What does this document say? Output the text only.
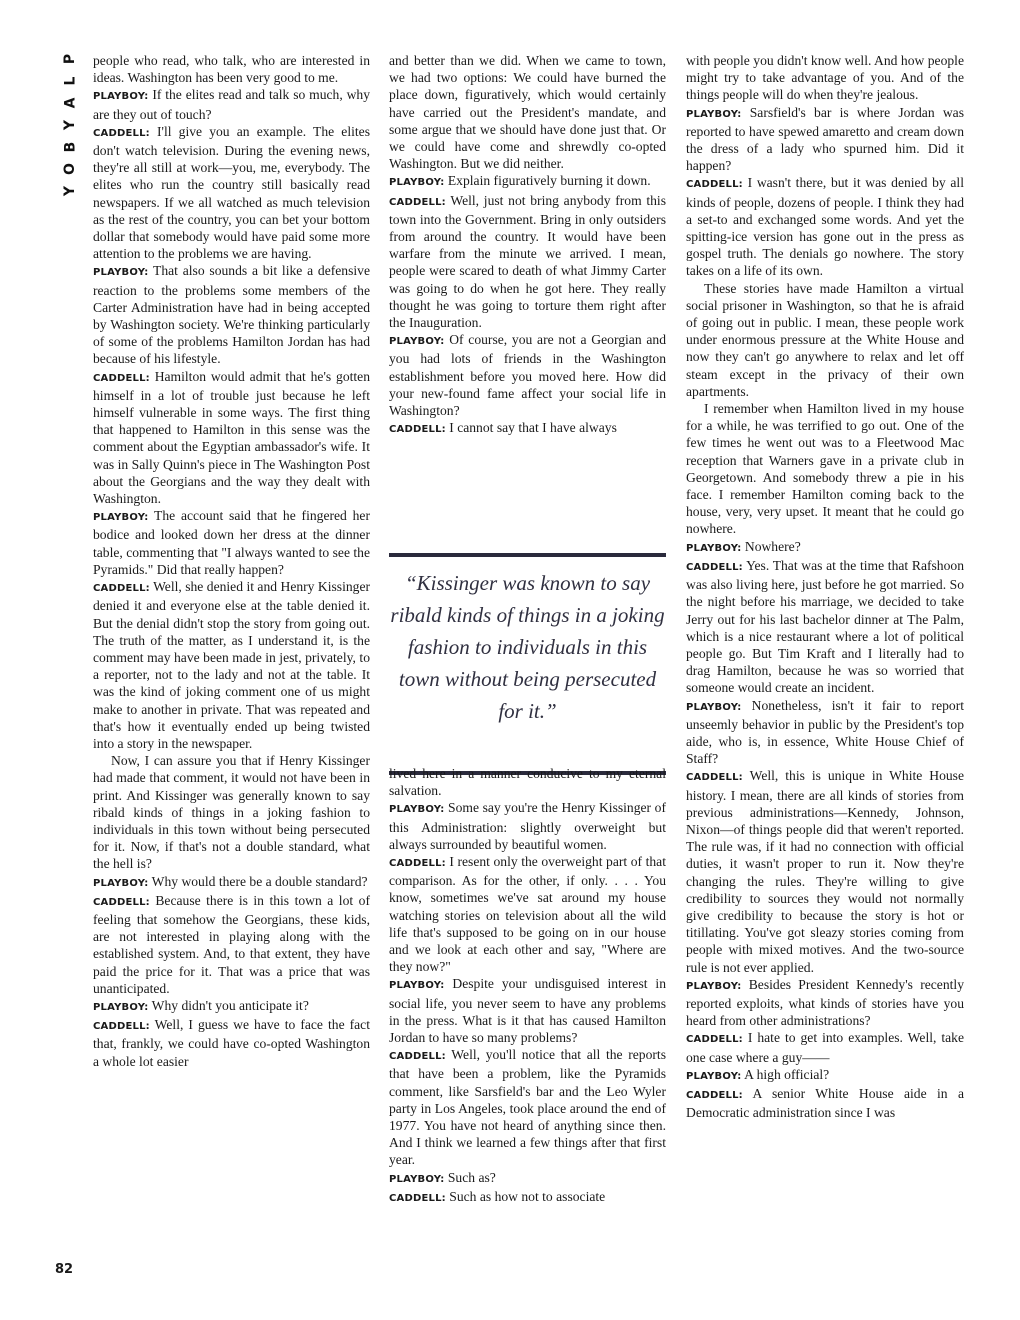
P
L
A
Y
B
O
Y
82

people who read, who talk, who are interested in ideas. Washington has been very good to me.

PLAYBOY: If the elites read and talk so much, why are they out of touch?

CADDELL: I'll give you an example. The elites don't watch television. During the evening news, they're all still at work—you, me, everybody. The elites who run the country still basically read newspapers. If we all watched as much television as the rest of the country, you can bet your bottom dollar that somebody would have paid some more attention to the problems we are having.

PLAYBOY: That also sounds a bit like a defensive reaction to the problems some members of the Carter Administration have had in being accepted by Washington society. We're thinking particularly of some of the problems Hamilton Jordan has had because of his lifestyle.

CADDELL: Hamilton would admit that he's gotten himself in a lot of trouble just because he left himself vulnerable in some ways. The first thing that happened to Hamilton in this sense was the comment about the Egyptian ambassador's wife. It was in Sally Quinn's piece in The Washington Post about the Georgians and the way they dealt with Washington.

PLAYBOY: The account said that he fingered her bodice and looked down her dress at the dinner table, commenting that "I always wanted to see the Pyramids." Did that really happen?

CADDELL: Well, she denied it and Henry Kissinger denied it and everyone else at the table denied it. But the denial didn't stop the story from going out. The truth of the matter, as I understand it, is the comment may have been made in jest, privately, to a reporter, not to the lady and not at the table. It was the kind of joking comment one of us might make to another in private. That was repeated and that's how it eventually ended up being twisted into a story in the newspaper.

Now, I can assure you that if Henry Kissinger had made that comment, it would not have been in print. And Kissinger was generally known to say ribald kinds of things in a joking fashion to individuals in this town without being persecuted for it. Now, if that's not a double standard, what the hell is?

PLAYBOY: Why would there be a double standard?

CADDELL: Because there is in this town a lot of feeling that somehow the Georgians, these kids, are not interested in playing along with the established system. And, to that extent, they have paid the price for it. That was a price that was unanticipated.

PLAYBOY: Why didn't you anticipate it?

CADDELL: Well, I guess we have to face the fact that, frankly, we could have co-opted Washington a whole lot easier

and better than we did. When we came to town, we had two options: We could have burned the place down, figuratively, which would certainly have carried out the President's mandate, and some argue that we should have done just that. Or we could have come and shrewdly co-opted Washington. But we did neither.

PLAYBOY: Explain figuratively burning it down.

CADDELL: Well, just not bring anybody from this town into the Government. Bring in only outsiders from around the country. It would have been warfare from the minute we arrived. I mean, people were scared to death of what Jimmy Carter was going to do when he got here. They really thought he was going to torture them right after the Inauguration.

PLAYBOY: Of course, you are not a Georgian and you had lots of friends in the Washington establishment before you moved here. How did your new-found fame affect your social life in Washington?

CADDELL: I cannot say that I have always

“Kissinger was known to say ribald kinds of things in a joking fashion to individuals in this town without being persecuted for it.”

lived here in a manner conducive to my eternal salvation.

PLAYBOY: Some say you're the Henry Kissinger of this Administration: slightly overweight but always surrounded by beautiful women.

CADDELL: I resent only the overweight part of that comparison. As for the other, if only. . . . You know, sometimes we've sat around my house watching stories on television about all the wild life that's supposed to be going on in our house and we look at each other and say, "Where are they now?"

PLAYBOY: Despite your undisguised interest in social life, you never seem to have any problems in the press. What is it that has caused Hamilton Jordan to have so many problems?

CADDELL: Well, you'll notice that all the reports that have been a problem, like the Pyramids comment, like Sarsfield's bar and the Leo Wyler party in Los Angeles, took place around the end of 1977. You have not heard of anything since then. And I think we learned a few things after that first year.

PLAYBOY: Such as?

CADDELL: Such as how not to associate

with people you didn't know well. And how people might try to take advantage of you. And of the things people will do when they're jealous.

PLAYBOY: Sarsfield's bar is where Jordan was reported to have spewed amaretto and cream down the dress of a lady who spurned him. Did it happen?

CADDELL: I wasn't there, but it was denied by all kinds of people, dozens of people. I think they had a set-to and exchanged some words. And yet the spitting-ice version has gone out in the press as gospel truth. The denials go nowhere. The story takes on a life of its own.

These stories have made Hamilton a virtual social prisoner in Washington, so that he is afraid of going out in public. I mean, these people work under enormous pressure at the White House and now they can't go anywhere to relax and let off steam except in the privacy of their own apartments.

I remember when Hamilton lived in my house for a while, he was terrified to go out. One of the few times he went out was to a Fleetwood Mac reception that Warners gave in a private club in Georgetown. And somebody threw a pie in his face. I remember Hamilton coming back to the house, very, very upset. It meant that he could go nowhere.

PLAYBOY: Nowhere?

CADDELL: Yes. That was at the time that Rafshoon was also living here, just before he got married. So the night before his marriage, we decided to take Jerry out for his last bachelor dinner at The Palm, which is a nice restaurant where a lot of political people go. But Tim Kraft and I literally had to drag Hamilton, because he was so worried that someone would create an incident.

PLAYBOY: Nonetheless, isn't it fair to report unseemly behavior in public by the President's top aide, who is, in essence, White House Chief of Staff?

CADDELL: Well, this is unique in White House history. I mean, there are all kinds of stories from previous administrations—Kennedy, Johnson, Nixon—of things people did that weren't reported. The rule was, if it had no connection with official duties, it wasn't proper to run it. Now they're changing the rules. They're willing to give credibility to sources they would not normally give credibility to because the story is hot or titillating. You've got sleazy stories coming from people with mixed motives. And the two-source rule is not ever applied.

PLAYBOY: Besides President Kennedy's recently reported exploits, what kinds of stories have you heard from other administrations?

CADDELL: I hate to get into examples. Well, take one case where a guy——

PLAYBOY: A high official?

CADDELL: A senior White House aide in a Democratic administration since I was
